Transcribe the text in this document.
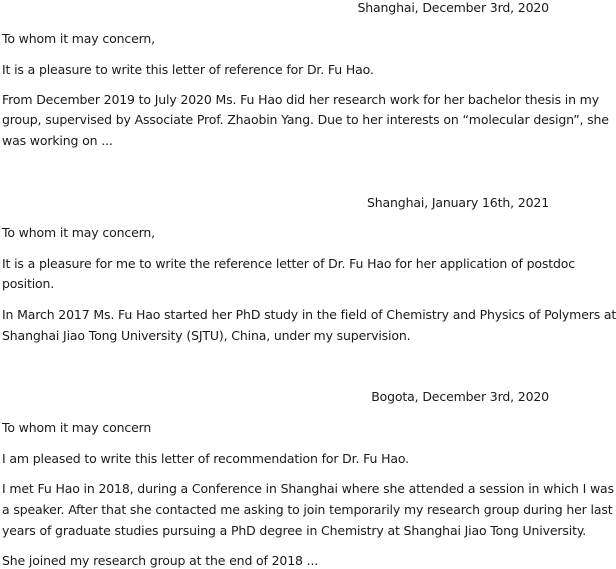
Shanghai, December 3rd, 2020
To whom it may concern,
It is a pleasure to write this letter of reference for Dr. Fu Hao.
From December 2019 to July 2020 Ms. Fu Hao did her research work for her bachelor thesis in my
group, supervised by Associate Prof. Zhaobin Yang. Due to her interests on “molecular design”, she
was working on ...
Shanghai, January 16th, 2021
To whom it may concern,
It is a pleasure for me to write the reference letter of Dr. Fu Hao for her application of postdoc
position.
In March 2017 Ms. Fu Hao started her PhD study in the field of Chemistry and Physics of Polymers at
Shanghai Jiao Tong University (SJTU), China, under my supervision.
Bogota, December 3rd, 2020
To whom it may concern
I am pleased to write this letter of recommendation for Dr. Fu Hao.
I met Fu Hao in 2018, during a Conference in Shanghai where she attended a session in which I was
a speaker. After that she contacted me asking to join temporarily my research group during her last
years of graduate studies pursuing a PhD degree in Chemistry at Shanghai Jiao Tong University.
She joined my research group at the end of 2018 ...
